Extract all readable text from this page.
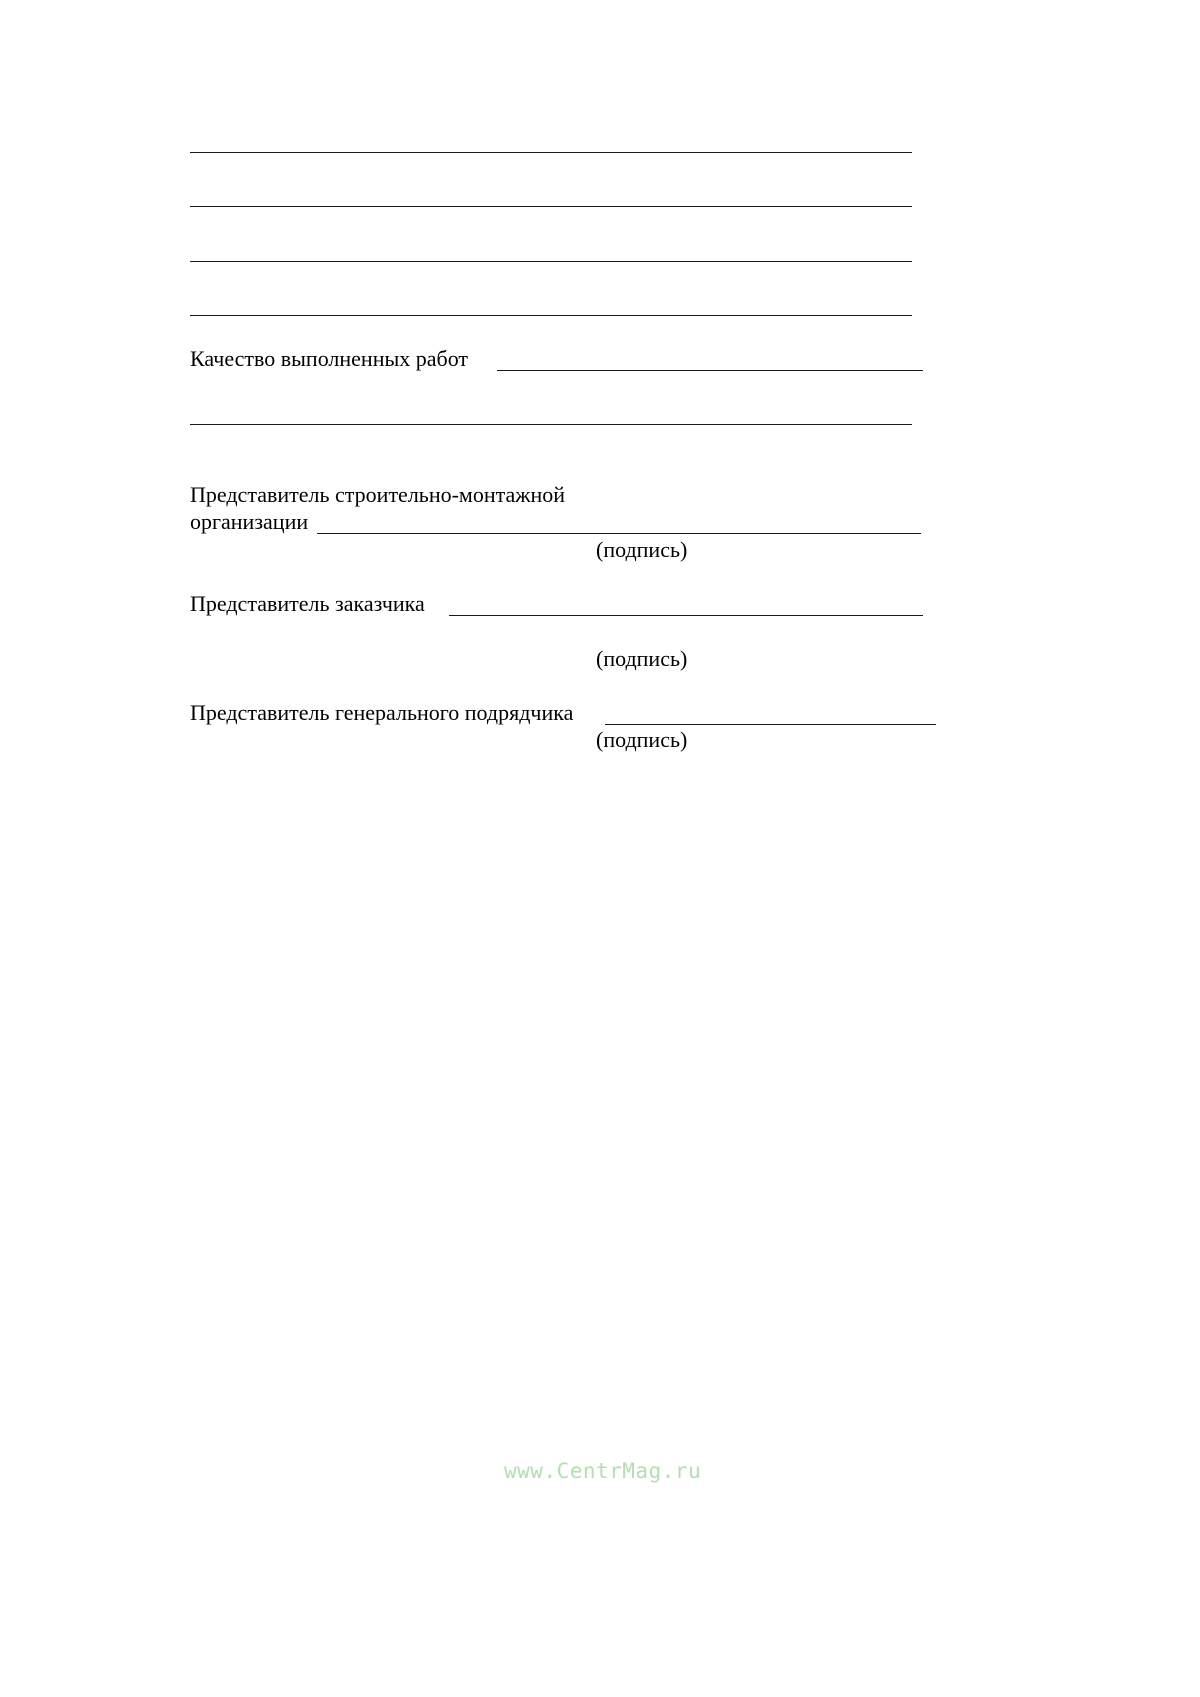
Качество выполненных работ
Представитель строительно-монтажной
организации
(подпись)
Представитель заказчика
(подпись)
Представитель генерального подрядчика
(подпись)
www.CentrMag.ru
